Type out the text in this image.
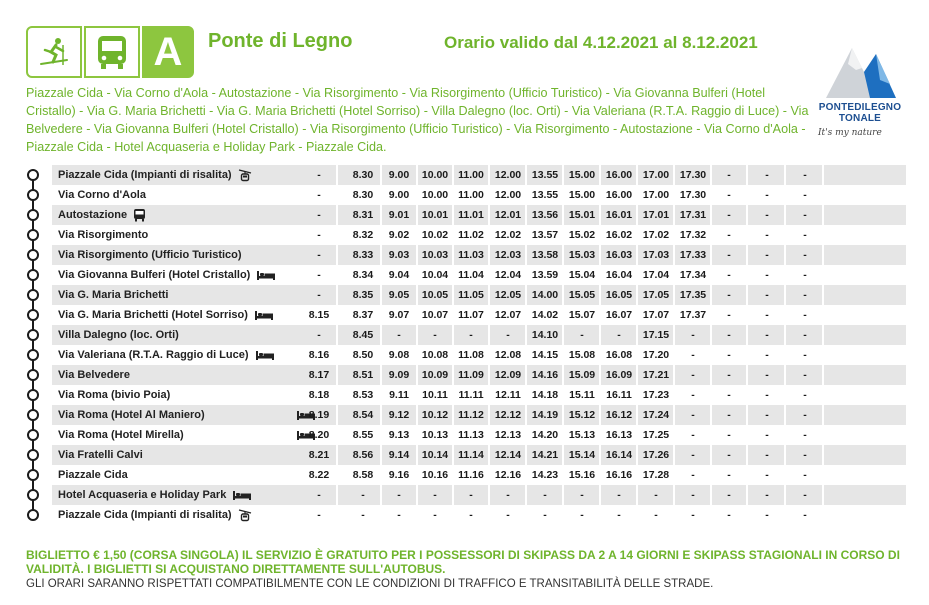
A	Ponte di Legno	Orario valido dal 4.12.2021 al 8.12.2021
Piazzale Cida - Via Corno d'Aola - Autostazione - Via Risorgimento - Via Risorgimento (Ufficio Turistico) - Via Giovanna Bulferi (Hotel Cristallo) - Via G. Maria Brichetti - Via G. Maria Brichetti (Hotel Sorriso) - Villa Dalegno (loc. Orti) - Via Valeriana (R.T.A. Raggio di Luce) - Via Belvedere - Via Giovanna Bulferi (Hotel Cristallo) - Via Risorgimento (Ufficio Turistico) - Via Risorgimento - Autostazione - Via Corno d'Aola - Piazzale Cida - Hotel Acquaseria e Holiday Park - Piazzale Cida.
PONTEDILEGNO
TONALE
It's my nature
Piazzale Cida (Impianti di risalita)	-	8.30	9.00	10.00 11.00	12.00	13.55	15.00	16.00	17.00	17.30	-	-	-
Via Corno d'Aola	-	8.30	9.00	10.00 11.00	12.00	13.55	15.00	16.00	17.00	17.30	-	-	-
Autostazione	-	8.31	9.01	10.01 11.01	12.01	13.56	15.01	16.01	17.01	17.31	-	-	-
Via Risorgimento	-	8.32	9.02	10.02 11.02	12.02	13.57	15.02	16.02	17.02	17.32	-	-	-
Via Risorgimento (Ufficio Turistico)	-	8.33	9.03	10.03 11.03	12.03	13.58	15.03	16.03	17.03	17.33	-	-	-
Via Giovanna Bulferi (Hotel Cristallo)	-	8.34	9.04	10.04 11.04	12.04	13.59	15.04	16.04	17.04	17.34	-	-	-
Via G. Maria Brichetti	-	8.35	9.05	10.05 11.05	12.05	14.00	15.05	16.05	17.05	17.35	-	-	-
Via G. Maria Brichetti (Hotel Sorriso)	8.15	8.37	9.07	10.07 11.07	12.07	14.02	15.07	16.07	17.07	17.37	-	-	-
Villa Dalegno (loc. Orti)	-	8.45	-	-	-	-	14.10	-	-	17.15	-	-	-	-
Via Valeriana (R.T.A. Raggio di Luce)	8.16	8.50	9.08	10.08 11.08	12.08	14.15	15.08	16.08	17.20	-	-	-	-
Via Belvedere	8.17	8.51	9.09	10.09 11.09	12.09	14.16	15.09	16.09	17.21	-	-	-	-
Via Roma (bivio Poia)	8.18	8.53	9.11	10.11	11.11	12.11	14.18	15.11	16.11	17.23	-	-	-	-
Via Roma (Hotel Al Maniero)	8.19	8.54	9.12	10.12 11.12	12.12	14.19	15.12	16.12	17.24	-	-	-	-
Via Roma (Hotel Mirella)	8.20	8.55	9.13	10.13 11.13	12.13	14.20	15.13	16.13	17.25	-	-	-	-
Via Fratelli Calvi	8.21	8.56	9.14	10.14 11.14	12.14	14.21	15.14	16.14	17.26	-	-	-	-
Piazzale Cida	8.22	8.58	9.16	10.16 11.16	12.16	14.23	15.16	16.16	17.28	-	-	-	-
Hotel Acquaseria e Holiday Park	-	-	-	-	-	-	-	-	-	-	-	-	-	-
Piazzale Cida (Impianti di risalita)	-	-	-	-	-	-	-	-	-	-	-	-	-	-
BIGLIETTO € 1,50 (CORSA SINGOLA) IL SERVIZIO È GRATUITO PER I POSSESSORI DI SKIPASS DA 2 A 14 GIORNI E SKIPASS STAGIONALI IN CORSO DI VALIDITÀ. I BIGLIETTI SI ACQUISTANO DIRETTAMENTE SULL'AUTOBUS.
GLI ORARI SARANNO RISPETTATI COMPATIBILMENTE CON LE CONDIZIONI DI TRAFFICO E TRANSITABILITÀ DELLE STRADE.
